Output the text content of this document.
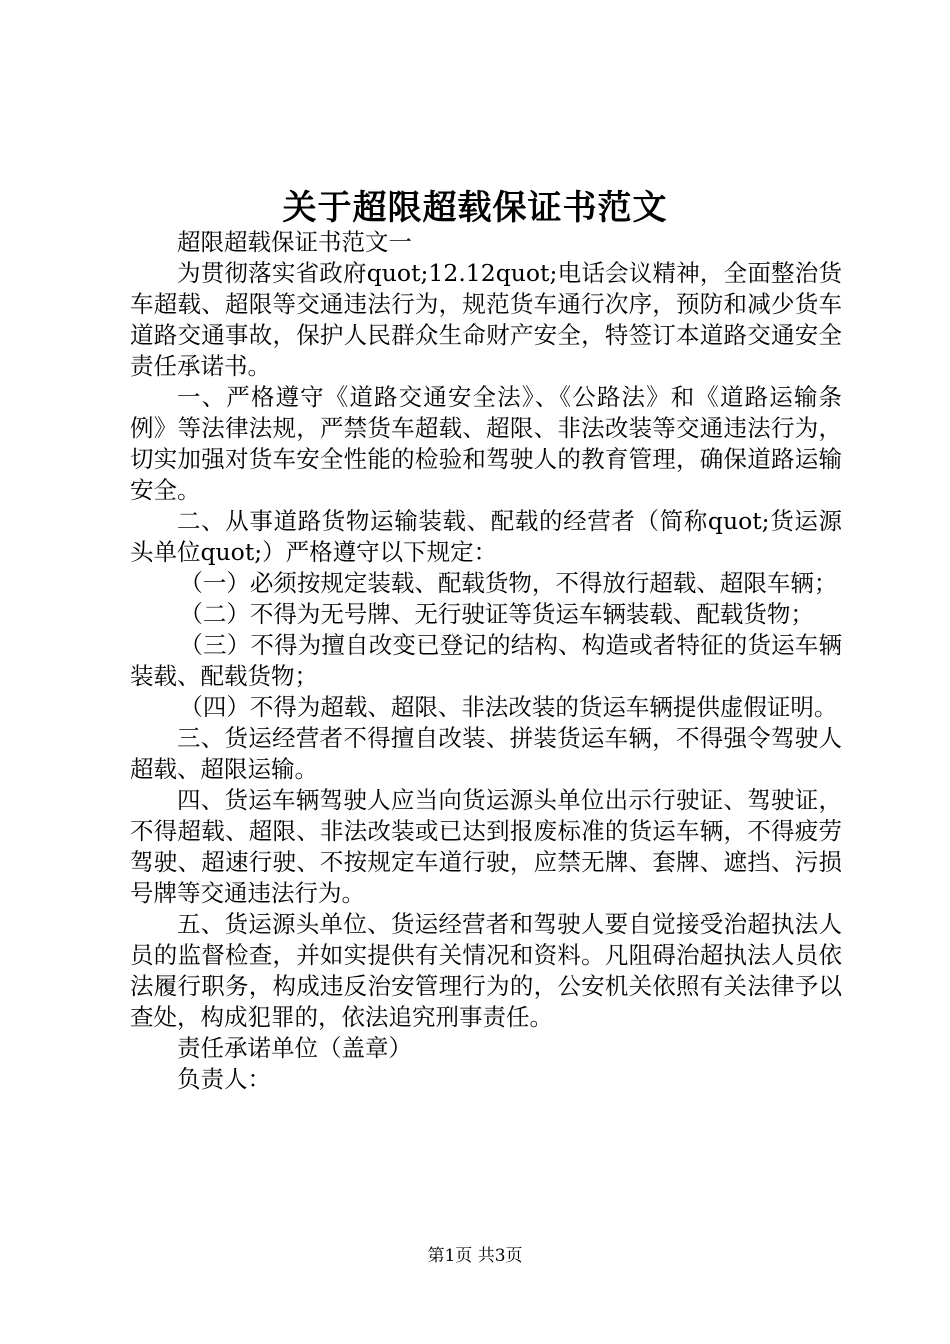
关于超限超载保证书范文

超限超载保证书范文一

为贯彻落实省政府quot;12.12quot;电话会议精神，全面整治货车超载、超限等交通违法行为，规范货车通行次序，预防和减少货车道路交通事故，保护人民群众生命财产安全，特签订本道路交通安全责任承诺书。

一、严格遵守《道路交通安全法》、《公路法》和《道路运输条例》等法律法规，严禁货车超载、超限、非法改装等交通违法行为，切实加强对货车安全性能的检验和驾驶人的教育管理，确保道路运输安全。

二、从事道路货物运输装载、配载的经营者（简称quot;货运源头单位quot;）严格遵守以下规定：

（一）必须按规定装载、配载货物，不得放行超载、超限车辆；

（二）不得为无号牌、无行驶证等货运车辆装载、配载货物；

（三）不得为擅自改变已登记的结构、构造或者特征的货运车辆装载、配载货物；

（四）不得为超载、超限、非法改装的货运车辆提供虚假证明。

三、货运经营者不得擅自改装、拼装货运车辆，不得强令驾驶人超载、超限运输。

四、货运车辆驾驶人应当向货运源头单位出示行驶证、驾驶证，不得超载、超限、非法改装或已达到报废标准的货运车辆，不得疲劳驾驶、超速行驶、不按规定车道行驶，应禁无牌、套牌、遮挡、污损号牌等交通违法行为。

五、货运源头单位、货运经营者和驾驶人要自觉接受治超执法人员的监督检查，并如实提供有关情况和资料。凡阻碍治超执法人员依法履行职务，构成违反治安管理行为的，公安机关依照有关法律予以查处，构成犯罪的，依法追究刑事责任。

责任承诺单位（盖章）

负责人：

第1页 共3页
